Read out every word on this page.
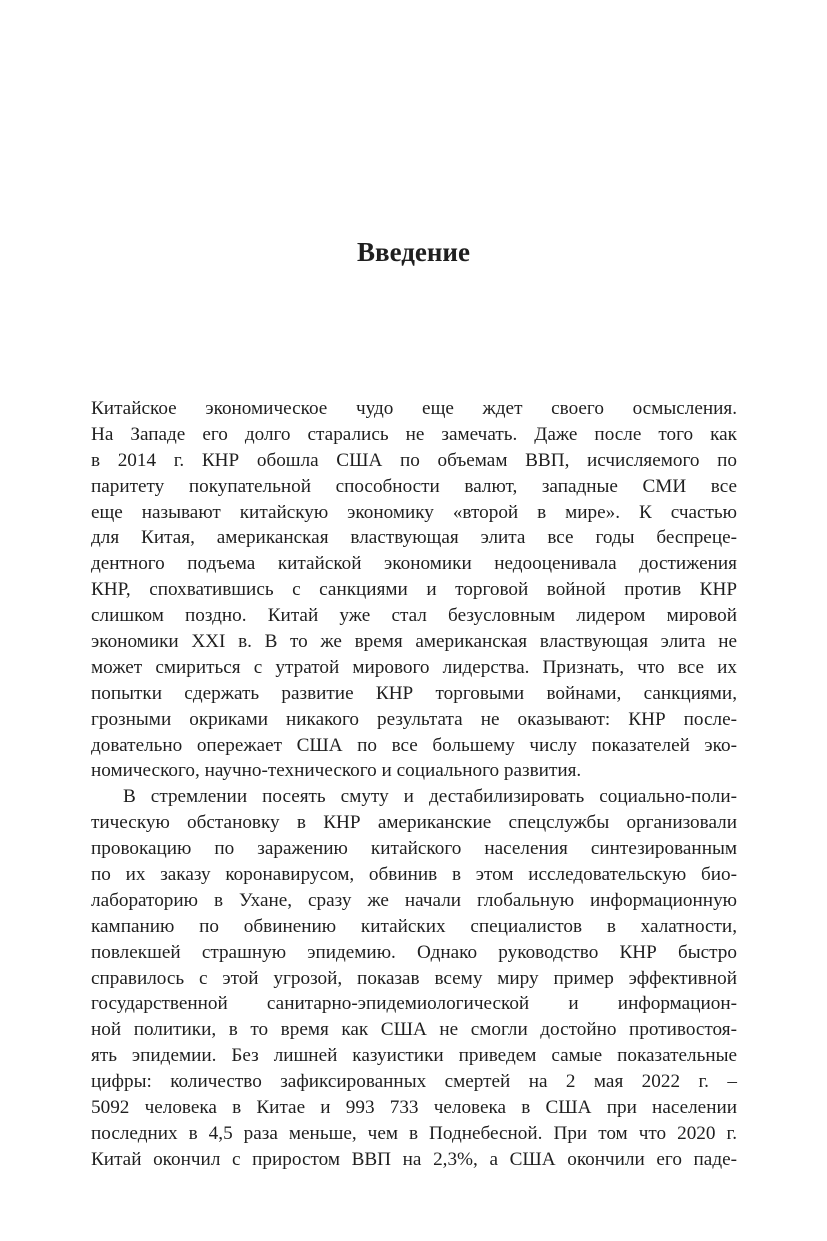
Введение
Китайское экономическое чудо еще ждет своего осмысления.
На Западе его долго старались не замечать. Даже после того как
в 2014 г. КНР обошла США по объемам ВВП, исчисляемого по
паритету покупательной способности валют, западные СМИ все
еще называют китайскую экономику «второй в мире». К счастью
для Китая, американская властвующая элита все годы беспреце-
дентного подъема китайской экономики недооценивала достижения
КНР, спохватившись с санкциями и торговой войной против КНР
слишком поздно. Китай уже стал безусловным лидером мировой
экономики XXI в. В то же время американская властвующая элита не
может смириться с утратой мирового лидерства. Признать, что все их
попытки сдержать развитие КНР торговыми войнами, санкциями,
грозными окриками никакого результата не оказывают: КНР после-
довательно опережает США по все большему числу показателей эко-
номического, научно-технического и социального развития.
В стремлении посеять смуту и дестабилизировать социально-поли-
тическую обстановку в КНР американские спецслужбы организовали
провокацию по заражению китайского населения синтезированным
по их заказу коронавирусом, обвинив в этом исследовательскую био-
лабораторию в Ухане, сразу же начали глобальную информационную
кампанию по обвинению китайских специалистов в халатности,
повлекшей страшную эпидемию. Однако руководство КНР быстро
справилось с этой угрозой, показав всему миру пример эффективной
государственной санитарно-эпидемиологической и информацион-
ной политики, в то время как США не смогли достойно противостоя-
ять эпидемии. Без лишней казуистики приведем самые показательные
цифры: количество зафиксированных смертей на 2 мая 2022 г. –
5092 человека в Китае и 993 733 человека в США при населении
последних в 4,5 раза меньше, чем в Поднебесной. При том что 2020 г.
Китай окончил с приростом ВВП на 2,3%, а США окончили его паде-
